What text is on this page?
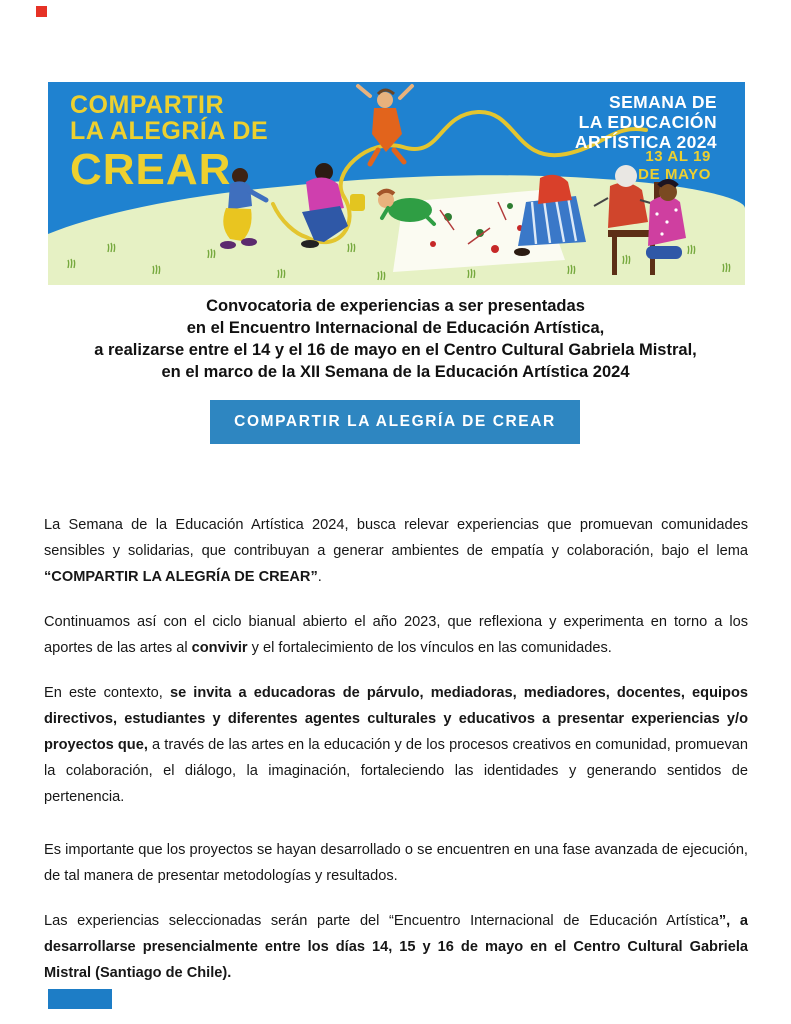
COMPARTIR
LA ALEGRÍA DE
CREAR
SEMANA DE
LA EDUCACIÓN
ARTÍSTICA 2024
13 AL 19
DE MAYO
Convocatoria de experiencias a ser presentadas
en el Encuentro Internacional de Educación Artística,
a realizarse entre el 14 y el 16 de mayo en el Centro Cultural Gabriela Mistral,
en el marco de la XII Semana de la Educación Artística 2024
COMPARTIR LA ALEGRÍA DE CREAR

La Semana de la Educación Artística 2024, busca relevar experiencias que promuevan comunidades sensibles y solidarias, que contribuyan a generar ambientes de empatía y colaboración, bajo el lema “COMPARTIR LA ALEGRÍA DE CREAR”.

Continuamos así con el ciclo bianual abierto el año 2023, que reflexiona y experimenta en torno a los aportes de las artes al convivir y el fortalecimiento de los vínculos en las comunidades.

En este contexto, se invita a educadoras de párvulo, mediadoras, mediadores, docentes, equipos directivos, estudiantes y diferentes agentes culturales y educativos a presentar experiencias y/o proyectos que, a través de las artes en la educación y de los procesos creativos en comunidad, promuevan la colaboración, el diálogo, la imaginación, fortaleciendo las identidades y generando sentidos de pertenencia.

Es importante que los proyectos se hayan desarrollado o se encuentren en una fase avanzada de ejecución, de tal manera de presentar metodologías y resultados.

Las experiencias seleccionadas serán parte del “Encuentro Internacional de Educación Artística”, a desarrollarse presencialmente entre los días 14, 15 y 16 de mayo en el Centro Cultural Gabriela Mistral (Santiago de Chile).
